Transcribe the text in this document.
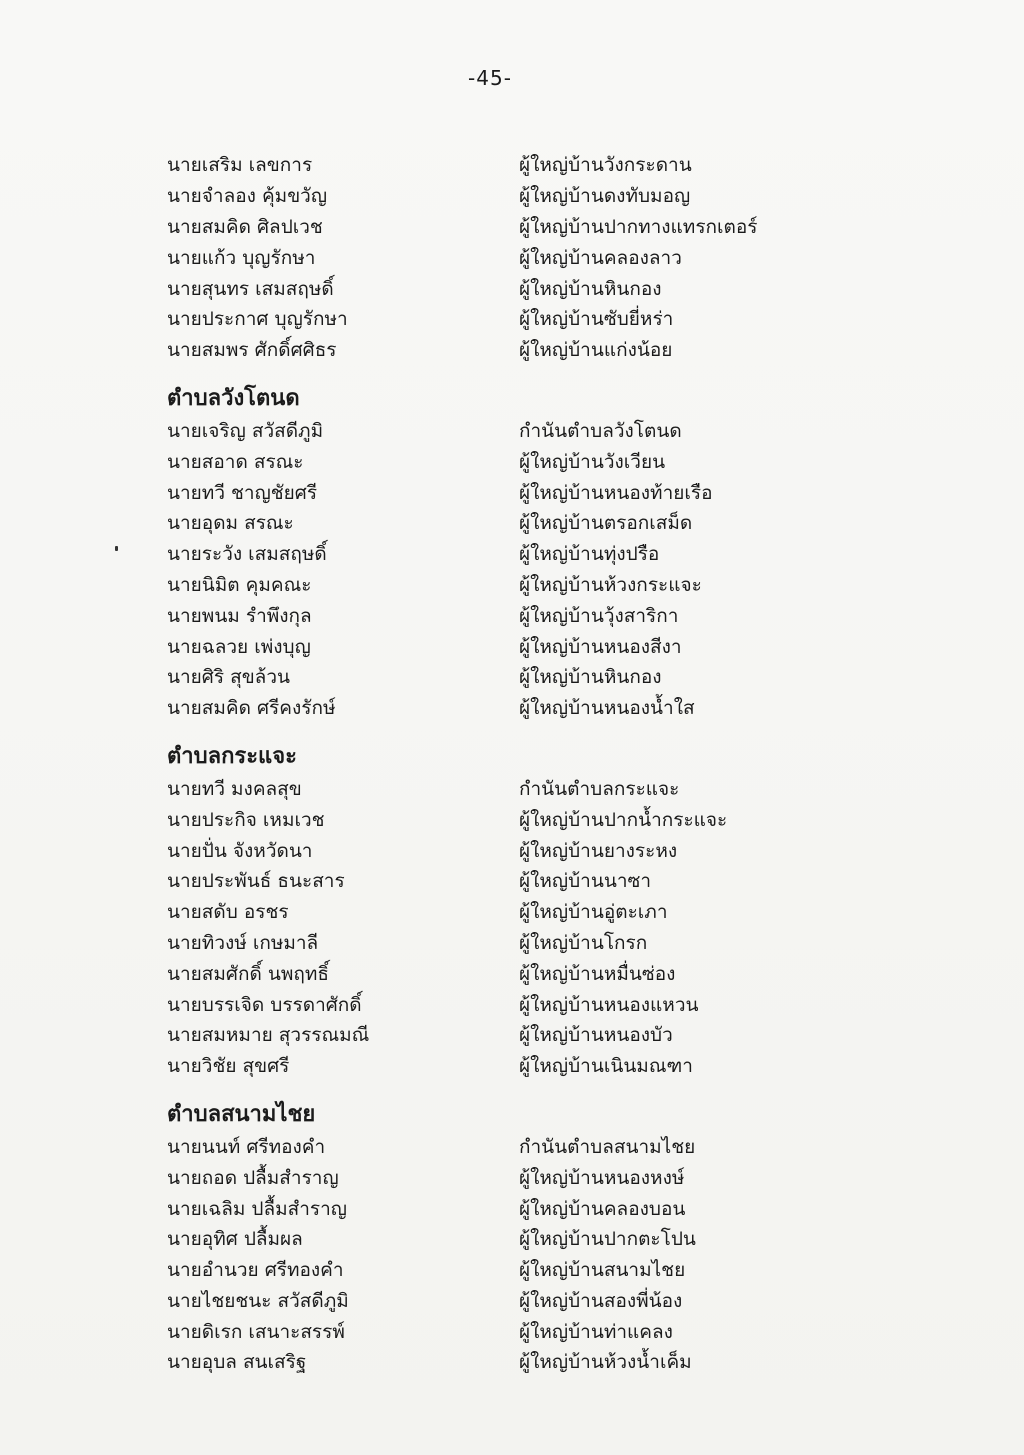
-45-
นายเสริม เลขการ	ผู้ใหญ่บ้านวังกระดาน
นายจำลอง คุ้มขวัญ	ผู้ใหญ่บ้านดงทับมอญ
นายสมคิด ศิลปเวช	ผู้ใหญ่บ้านปากทางแทรกเตอร์
นายแก้ว บุญรักษา	ผู้ใหญ่บ้านคลองลาว
นายสุนทร เสมสฤษดิ์	ผู้ใหญ่บ้านหินกอง
นายประกาศ บุญรักษา	ผู้ใหญ่บ้านซับยี่หร่า
นายสมพร ศักดิ์ศศิธร	ผู้ใหญ่บ้านแก่งน้อย
ตำบลวังโตนด
นายเจริญ สวัสดีภูมิ	กำนันตำบลวังโตนด
นายสอาด สรณะ	ผู้ใหญ่บ้านวังเวียน
นายทวี ชาญชัยศรี	ผู้ใหญ่บ้านหนองท้ายเรือ
นายอุดม สรณะ	ผู้ใหญ่บ้านตรอกเสม็ด
นายระวัง เสมสฤษดิ์	ผู้ใหญ่บ้านทุ่งปรือ
นายนิมิต คุมคณะ	ผู้ใหญ่บ้านห้วงกระแจะ
นายพนม รำพึงกุล	ผู้ใหญ่บ้านวุ้งสาริกา
นายฉลวย เพ่งบุญ	ผู้ใหญ่บ้านหนองสีงา
นายศิริ สุขล้วน	ผู้ใหญ่บ้านหินกอง
นายสมคิด ศรีคงรักษ์	ผู้ใหญ่บ้านหนองน้ำใส
ตำบลกระแจะ
นายทวี มงคลสุข	กำนันตำบลกระแจะ
นายประกิจ เหมเวช	ผู้ใหญ่บ้านปากน้ำกระแจะ
นายปั่น จังหวัดนา	ผู้ใหญ่บ้านยางระหง
นายประพันธ์ ธนะสาร	ผู้ใหญ่บ้านนาซา
นายสดับ อรชร	ผู้ใหญ่บ้านอู่ตะเภา
นายทิวงษ์ เกษมาลี	ผู้ใหญ่บ้านโกรก
นายสมศักดิ์ นพฤทธิ์	ผู้ใหญ่บ้านหมื่นซ่อง
นายบรรเจิด บรรดาศักดิ์	ผู้ใหญ่บ้านหนองแหวน
นายสมหมาย สุวรรณมณี	ผู้ใหญ่บ้านหนองบัว
นายวิชัย สุขศรี	ผู้ใหญ่บ้านเนินมณฑา
ตำบลสนามไชย
นายนนท์ ศรีทองคำ	กำนันตำบลสนามไชย
นายถอด ปลื้มสำราญ	ผู้ใหญ่บ้านหนองหงษ์
นายเฉลิม ปลื้มสำราญ	ผู้ใหญ่บ้านคลองบอน
นายอุทิศ ปลื้มผล	ผู้ใหญ่บ้านปากตะโปน
นายอำนวย ศรีทองคำ	ผู้ใหญ่บ้านสนามไชย
นายไชยชนะ สวัสดีภูมิ	ผู้ใหญ่บ้านสองพี่น้อง
นายดิเรก เสนาะสรรพ์	ผู้ใหญ่บ้านท่าแคลง
นายอุบล สนเสริฐ	ผู้ใหญ่บ้านห้วงน้ำเค็ม
